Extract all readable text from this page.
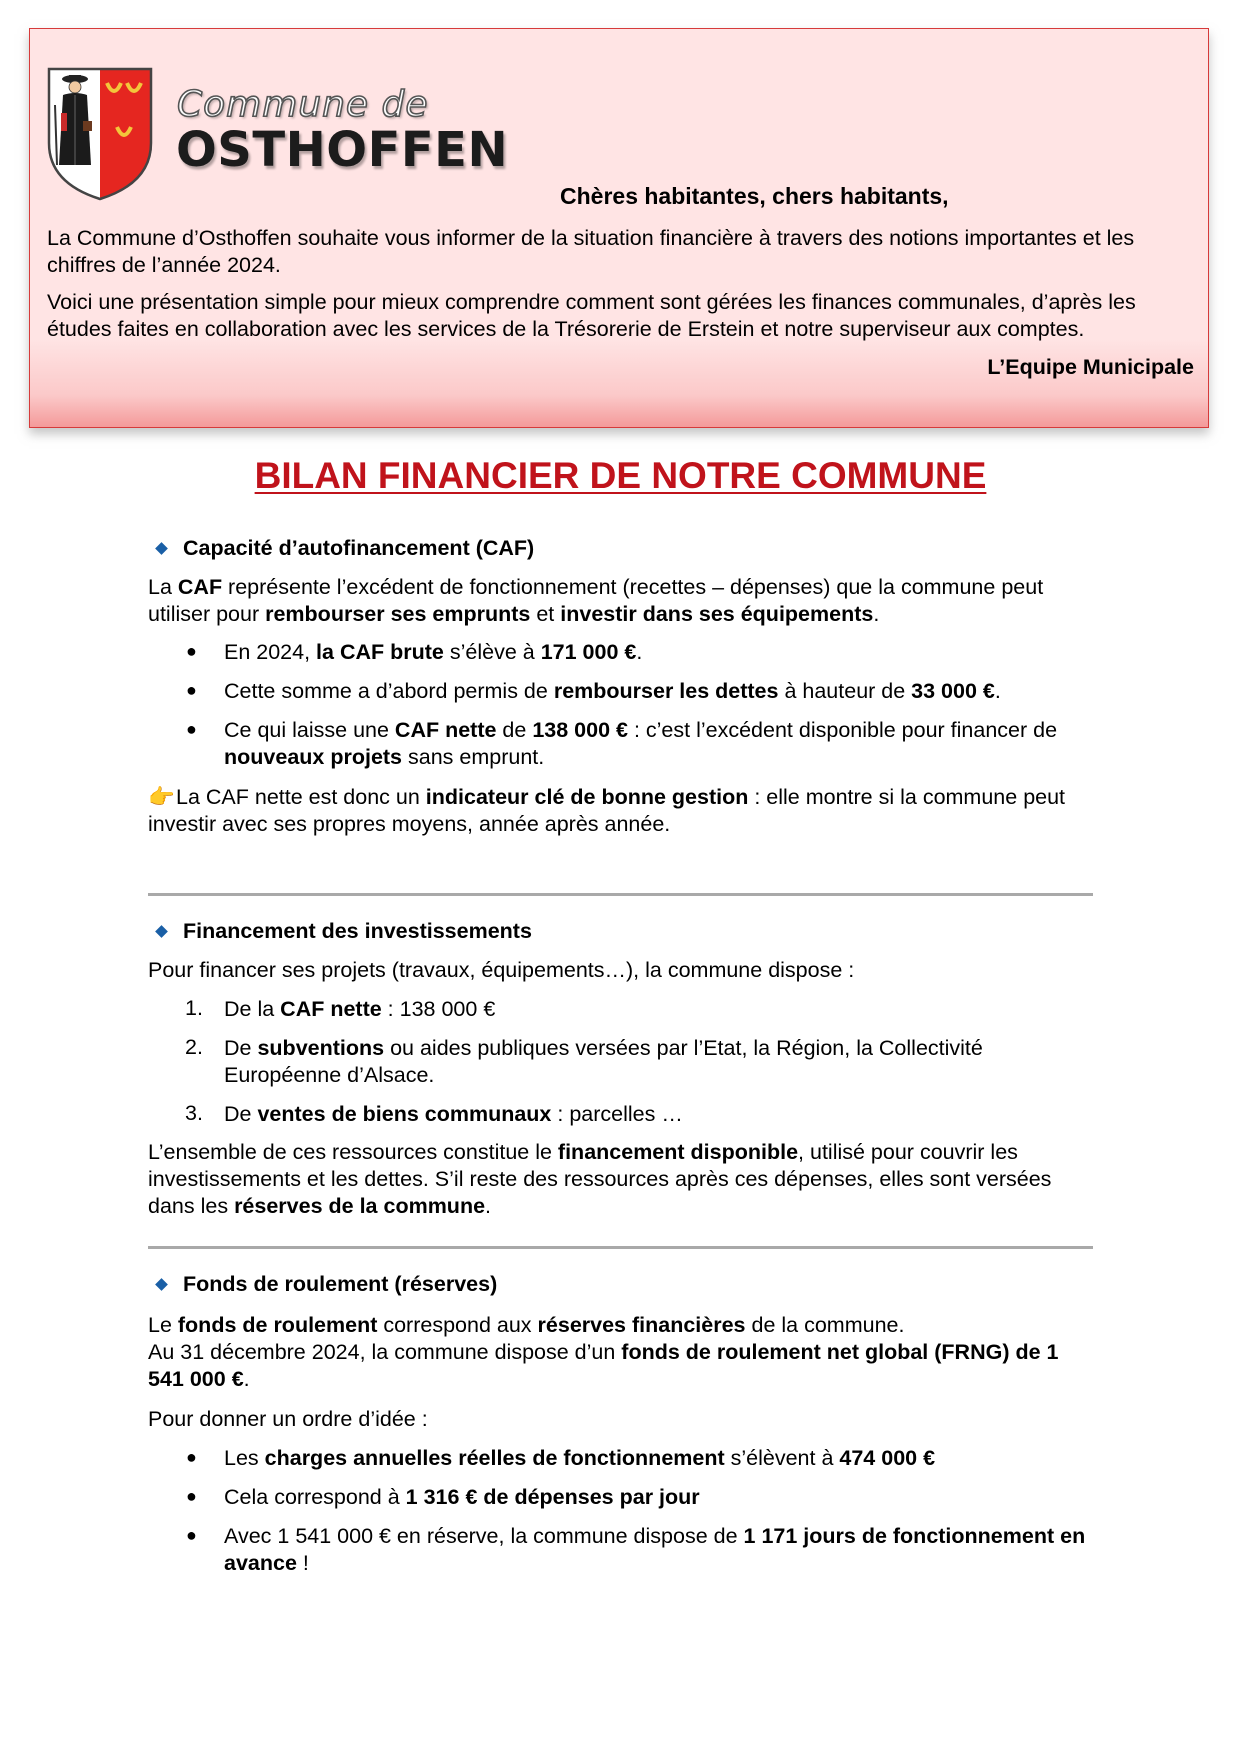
Commune de
OSTHOFFEN
Chères habitantes, chers habitants,

La Commune d’Osthoffen souhaite vous informer de la situation financière à travers des notions importantes et les chiffres de l’année 2024.

Voici une présentation simple pour mieux comprendre comment sont gérées les finances communales, d’après les études faites en collaboration avec les services de la Trésorerie de Erstein et notre superviseur aux comptes.

L’Equipe Municipale
BILAN FINANCIER DE NOTRE COMMUNE
Capacité d’autofinancement (CAF)

La CAF représente l’excédent de fonctionnement (recettes – dépenses) que la commune peut utiliser pour rembourser ses emprunts et investir dans ses équipements.

● En 2024, la CAF brute s’élève à 171 000 €.

● Cette somme a d’abord permis de rembourser les dettes à hauteur de 33 000 €.

● Ce qui laisse une CAF nette de 138 000 € : c’est l’excédent disponible pour financer de nouveaux projets sans emprunt.

👉La CAF nette est donc un indicateur clé de bonne gestion : elle montre si la commune peut investir avec ses propres moyens, année après année.

Financement des investissements

Pour financer ses projets (travaux, équipements…), la commune dispose :

1. De la CAF nette : 138 000 €

2. De subventions ou aides publiques versées par l’Etat, la Région, la Collectivité Européenne d’Alsace.

3. De ventes de biens communaux : parcelles …

L’ensemble de ces ressources constitue le financement disponible, utilisé pour couvrir les investissements et les dettes. S’il reste des ressources après ces dépenses, elles sont versées dans les réserves de la commune.

Fonds de roulement (réserves)

Le fonds de roulement correspond aux réserves financières de la commune.
Au 31 décembre 2024, la commune dispose d’un fonds de roulement net global (FRNG) de 1 541 000 €.

Pour donner un ordre d’idée :

● Les charges annuelles réelles de fonctionnement s’élèvent à 474 000 €

● Cela correspond à 1 316 € de dépenses par jour

● Avec 1 541 000 € en réserve, la commune dispose de 1 171 jours de fonctionnement en avance !
